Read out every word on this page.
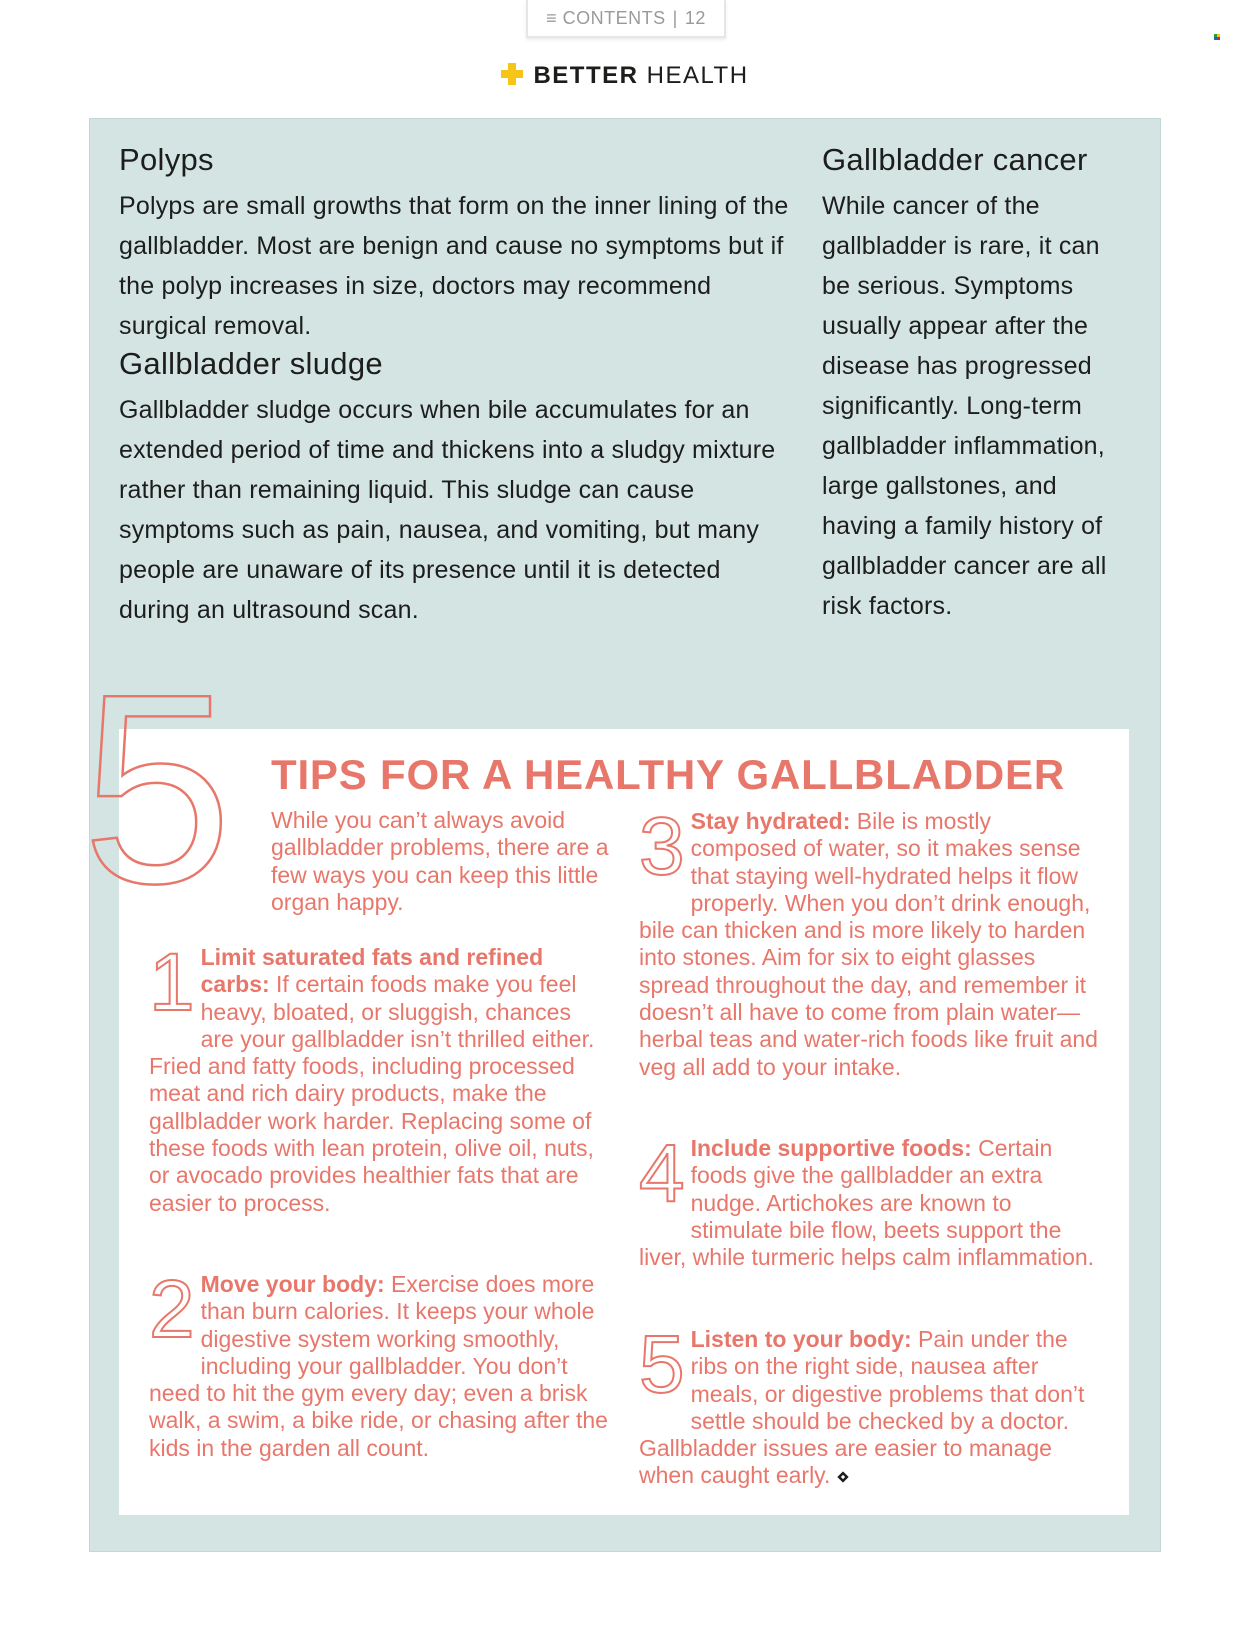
≡ CONTENTS | 12
BETTER HEALTH
Polyps

Polyps are small growths that form on the inner lining of the gallbladder. Most are benign and cause no symptoms but if the polyp increases in size, doctors may recommend surgical removal.

Gallbladder sludge

Gallbladder sludge occurs when bile accumulates for an extended period of time and thickens into a sludgy mixture rather than remaining liquid. This sludge can cause symptoms such as pain, nausea, and vomiting, but many people are unaware of its presence until it is detected during an ultrasound scan.

Gallbladder cancer

While cancer of the gallbladder is rare, it can be serious. Symptoms usually appear after the disease has progressed significantly. Long-term gallbladder inflammation, large gallstones, and having a family history of gallbladder cancer are all risk factors.

5 TIPS FOR A HEALTHY GALLBLADDER

While you can’t always avoid gallbladder problems, there are a few ways you can keep this little organ happy.

1 Limit saturated fats and refined carbs: If certain foods make you feel heavy, bloated, or sluggish, chances are your gallbladder isn’t thrilled either. Fried and fatty foods, including processed meat and rich dairy products, make the gallbladder work harder. Replacing some of these foods with lean protein, olive oil, nuts, or avocado provides healthier fats that are easier to process.

2 Move your body: Exercise does more than burn calories. It keeps your whole digestive system working smoothly, including your gallbladder. You don’t need to hit the gym every day; even a brisk walk, a swim, a bike ride, or chasing after the kids in the garden all count.

3 Stay hydrated: Bile is mostly composed of water, so it makes sense that staying well-hydrated helps it flow properly. When you don’t drink enough, bile can thicken and is more likely to harden into stones. Aim for six to eight glasses spread throughout the day, and remember it doesn’t all have to come from plain water—herbal teas and water-rich foods like fruit and veg all add to your intake.

4 Include supportive foods: Certain foods give the gallbladder an extra nudge. Artichokes are known to stimulate bile flow, beets support the liver, while turmeric helps calm inflammation.

5 Listen to your body: Pain under the ribs on the right side, nausea after meals, or digestive problems that don’t settle should be checked by a doctor. Gallbladder issues are easier to manage when caught early.
